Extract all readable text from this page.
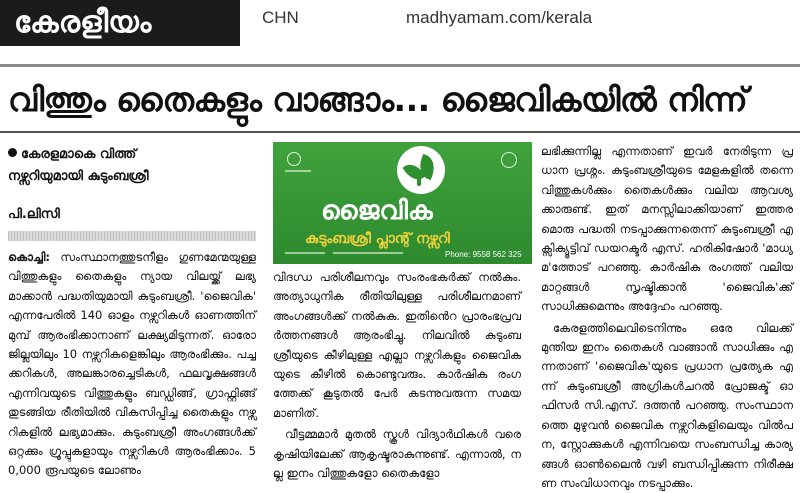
കേരളീയം	CHN	madhyamam.com/kerala
വിത്തും തൈകളും വാങ്ങാം... ജൈവികയിൽ നിന്ന്
കേരളമാകെ വിത്ത്
നഴ്സറിയുമായി കുടുംബശ്രീ
പി.ലിസി

കൊച്ചി: സംസ്ഥാനത്തുടനീളം ഗുണമേന്മയുള്ള വിത്തുകളും തൈകളും ന്യായ വിലയ്ക്ക് ലഭ്യമാക്കാൻ പദ്ധതിയുമായി കുടുംബശ്രീ. 'ജൈവിക' എന്നപേരിൽ 140 ഓളം നഴ്സറികൾ ഓണത്തിന് മുമ്പ് ആരംഭിക്കാനാണ് ലക്ഷ്യമിടുന്നത്. ഓരോ ജില്ലയിലും 10 നഴ്സറികളെങ്കിലും ആരംഭിക്കും. പച്ചക്കറികൾ, അലങ്കാരച്ചെടികൾ, ഫലവൃക്ഷങ്ങൾ എന്നിവയുടെ വിത്തുകളും ബഡ്ഡിങ്ങ്, ഗ്രാഫ്റ്റിങ്ങ് തുടങ്ങിയ രീതിയിൽ വികസിപ്പിച്ച തൈകളും നഴ്സറികളിൽ ലഭ്യമാക്കും. കുടുംബശ്രീ അംഗങ്ങൾക്ക് ഒറ്റക്കും ഗ്രൂപ്പുകളായും നഴ്സറികൾ ആരംഭിക്കാം. 50,000 രൂപയുടെ ലോണും

ജൈവിക
കുടുംബശ്രീ പ്ലാന്റ് നഴ്സറി
Phone: 9558 562 325

വിദഗ്ധ പരിശീലനവും സംരംഭകർക്ക് നൽകും. അത്യാധുനിക രീതിയിലുള്ള പരിശീലനമാണ് അംഗങ്ങൾക്ക് നൽകുക. ഇതിൻെറ പ്രാരംഭപ്രവർത്തനങ്ങൾ ആരംഭിച്ചു. നിലവിൽ കുടുംബശ്രീയുടെ കീഴിലുള്ള എല്ലാ നഴ്സറികളും ജൈവികയുടെ കീഴിൽ കൊണ്ടുവരും. കാർഷിക രംഗത്തേക്ക് കൂടുതൽ പേർ കടന്നുവരുന്ന സമയമാണിത്.

വീട്ടമ്മമാർ മുതൽ സ്കൂൾ വിദ്യാർഥികൾ വരെ കൃഷിയിലേക്ക് ആകൃഷ്ടരാകുന്നുണ്ട്. എന്നാൽ, നല്ല ഇനം വിത്തുകളോ തൈകളോ

ലഭിക്കുന്നില്ല എന്നതാണ് ഇവർ നേരിടുന്ന പ്രധാന പ്രശ്നം. കുടുംബശ്രീയുടെ മേളകളിൽ തന്നെ വിത്തുകൾക്കും തൈകൾക്കും വലിയ ആവശ്യക്കാരുണ്ട്. ഇത് മനസ്സിലാക്കിയാണ് ഇത്തരമൊരു പദ്ധതി നടപ്പാക്കുന്നതെന്ന് കുടുംബശ്രീ എക്സിക്യൂട്ടിവ് ഡയറക്ടർ എസ്. ഹരികിഷോർ 'മാധ്യമ'ത്തോട് പറഞ്ഞു. കാർഷിക രംഗത്ത് വലിയ മാറ്റങ്ങൾ സൃഷ്ടിക്കാൻ 'ജൈവിക'ക്ക് സാധിക്കുമെന്നും അദ്ദേഹം പറഞ്ഞു.

കേരളത്തിലെവിടെനിന്നും ഒരേ വിലക്ക് മുന്തിയ ഇനം തൈകൾ വാങ്ങാൻ സാധിക്കും എന്നതാണ് 'ജൈവിക'യുടെ പ്രധാന പ്രത്യേക എന്ന് കുടുംബശ്രീ അഗ്രികൾചറൽ പ്രോജക്ട് ഓഫിസർ സി.എസ്. ദത്തൻ പറഞ്ഞു. സംസ്ഥാനത്തെ മുഴുവൻ ജൈവിക നഴ്സറികളിലെയും വിൽപന, സ്റ്റോക്കുകൾ എന്നിവയെ സംബന്ധിച്ച കാര്യങ്ങൾ ഓൺലൈൻ വഴി ബന്ധിപ്പിക്കുന്ന നിരീക്ഷണ സംവിധാനവും നടപ്പാക്കും.
